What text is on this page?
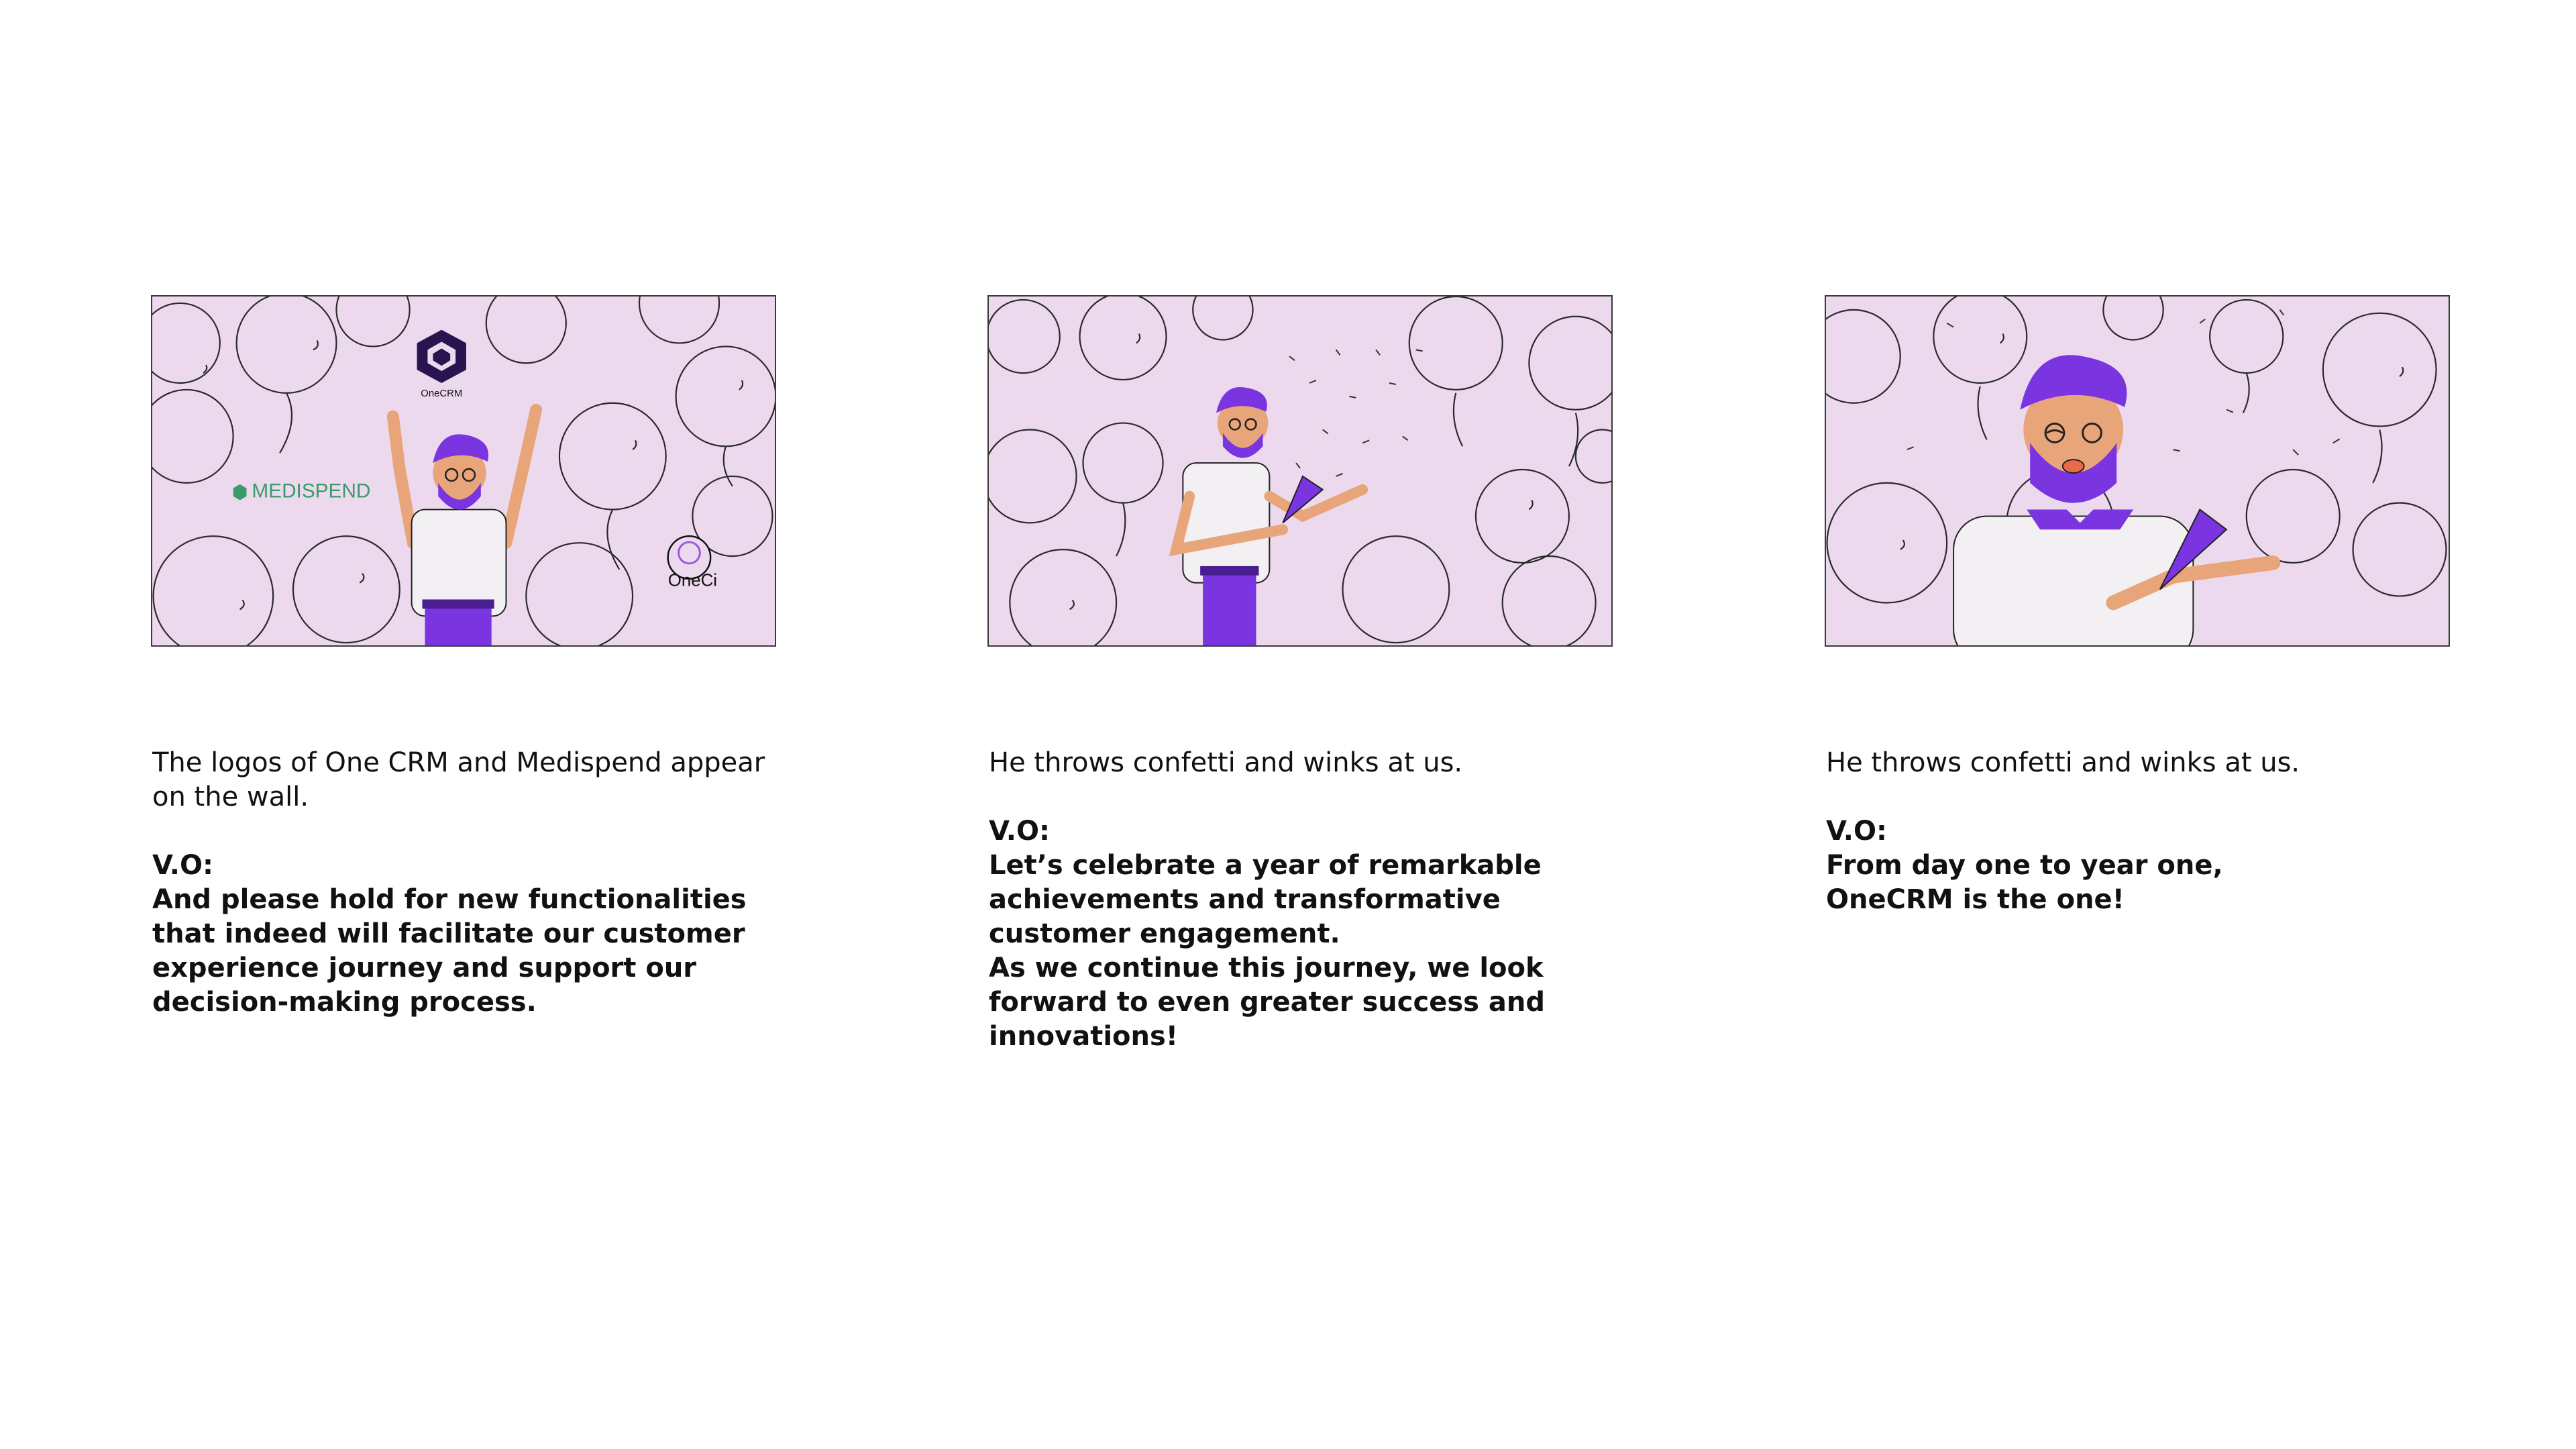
OneCRM
MEDISPEND
OneCi

The logos of One CRM and Medispend appear on the wall.

V.O:

And please hold for new functionalities that indeed will facilitate our customer experience journey and support our decision-making process.

He throws confetti and winks at us.

V.O:

Let’s celebrate a year of remarkable achievements and transformative customer engagement.

As we continue this journey, we look forward to even greater success and innovations!

He throws confetti and winks at us.

V.O:

From day one to year one,

OneCRM is the one!
